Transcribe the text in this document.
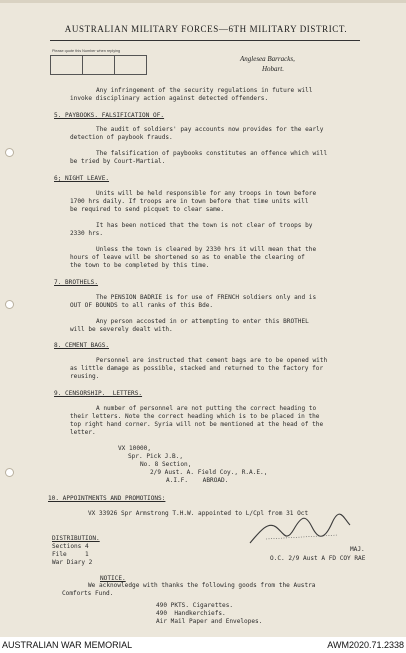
AUSTRALIAN MILITARY FORCES—6TH MILITARY DISTRICT.
Please quote this Number when replying
Anglesea Barracks,
Hobart.
Any infringement of the security regulations in future will
invoke disciplinary action against detected offenders.
5. PAYBOOKS. FALSIFICATION OF.
The audit of soldiers' pay accounts now provides for the early
detection of paybook frauds.
The falsification of paybooks constitutes an offence which will
be tried by Court-Martial.
6; NIGHT LEAVE.
Units will be held responsible for any troops in town before
1700 hrs daily. If troops are in town before that time units will
be required to send picquet to clear same.
It has been noticed that the town is not clear of troops by
2330 hrs.
Unless the town is cleared by 2330 hrs it will mean that the
hours of leave will be shortened so as to enable the clearing of
the town to be completed by this time.
7. BROTHELS.
The PENSION BADRIE is for use of FRENCH soldiers only and is
OUT OF BOUNDS to all ranks of this Bde.
Any person accosted in or attempting to enter this BROTHEL
will be severely dealt with.
8. CEMENT BAGS.
Personnel are instructed that cement bags are to be opened with
as little damage as possible, stacked and returned to the factory for
reusing.
9. CENSORSHIP.  LETTERS.
A number of personnel are not putting the correct heading to
their letters. Note the correct heading which is to be placed in the
top right hand corner. Syria will not be mentioned at the head of the
letter.
VX 10000,
Spr. Pick J.B.,
No. 8 Section,
2/9 Aust. A. Field Coy., R.A.E.,
A.I.F.    ABROAD.
10. APPOINTMENTS AND PROMOTIONS:
VX 33926 Spr Armstrong T.H.W. appointed to L/Cpl from 31 Oct
DISTRIBUTION.
Sections 4
File     1
War Diary 2
MAJ.
O.C. 2/9 Aust A FD COY RAE
NOTICE.
We acknowledge with thanks the following goods from the Austra
Comforts Fund.
490 PKTS. Cigarettes.
490  Handkerchiefs.
Air Mail Paper and Envelopes.
AUSTRALIAN WAR MEMORIAL	AWM2020.71.2338
